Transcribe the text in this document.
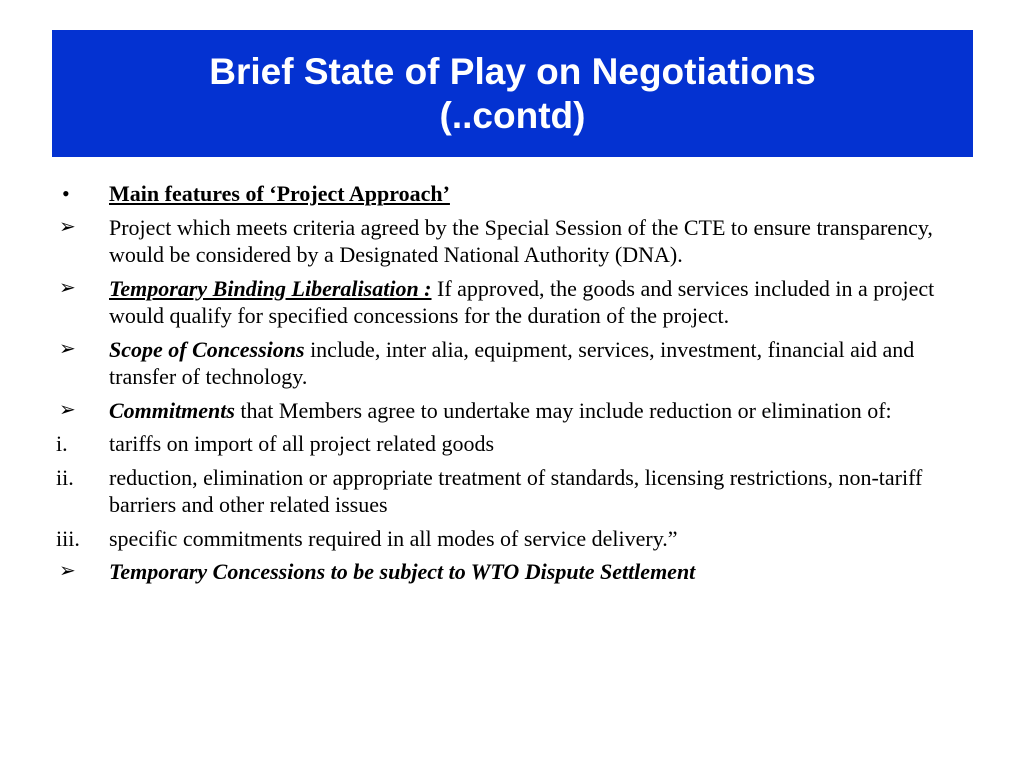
Brief State of Play on Negotiations
(..contd)
•	Main features of ‘Project Approach’
➢	Project which meets criteria agreed by the Special Session of the CTE to ensure transparency, would be considered by a Designated National Authority (DNA).
➢	Temporary Binding Liberalisation : If approved, the goods and services included in a project would qualify for specified concessions for the duration of the project.
➢	Scope of Concessions include, inter alia, equipment, services, investment, financial aid and transfer of technology.
➢	Commitments that Members agree to undertake may include reduction or elimination of:
i.	tariffs on import of all project related goods
ii.	reduction, elimination or appropriate treatment of standards, licensing restrictions, non-tariff barriers and other related issues
iii.	specific commitments required in all modes of service delivery.”
➢	Temporary Concessions to be subject to WTO Dispute Settlement
